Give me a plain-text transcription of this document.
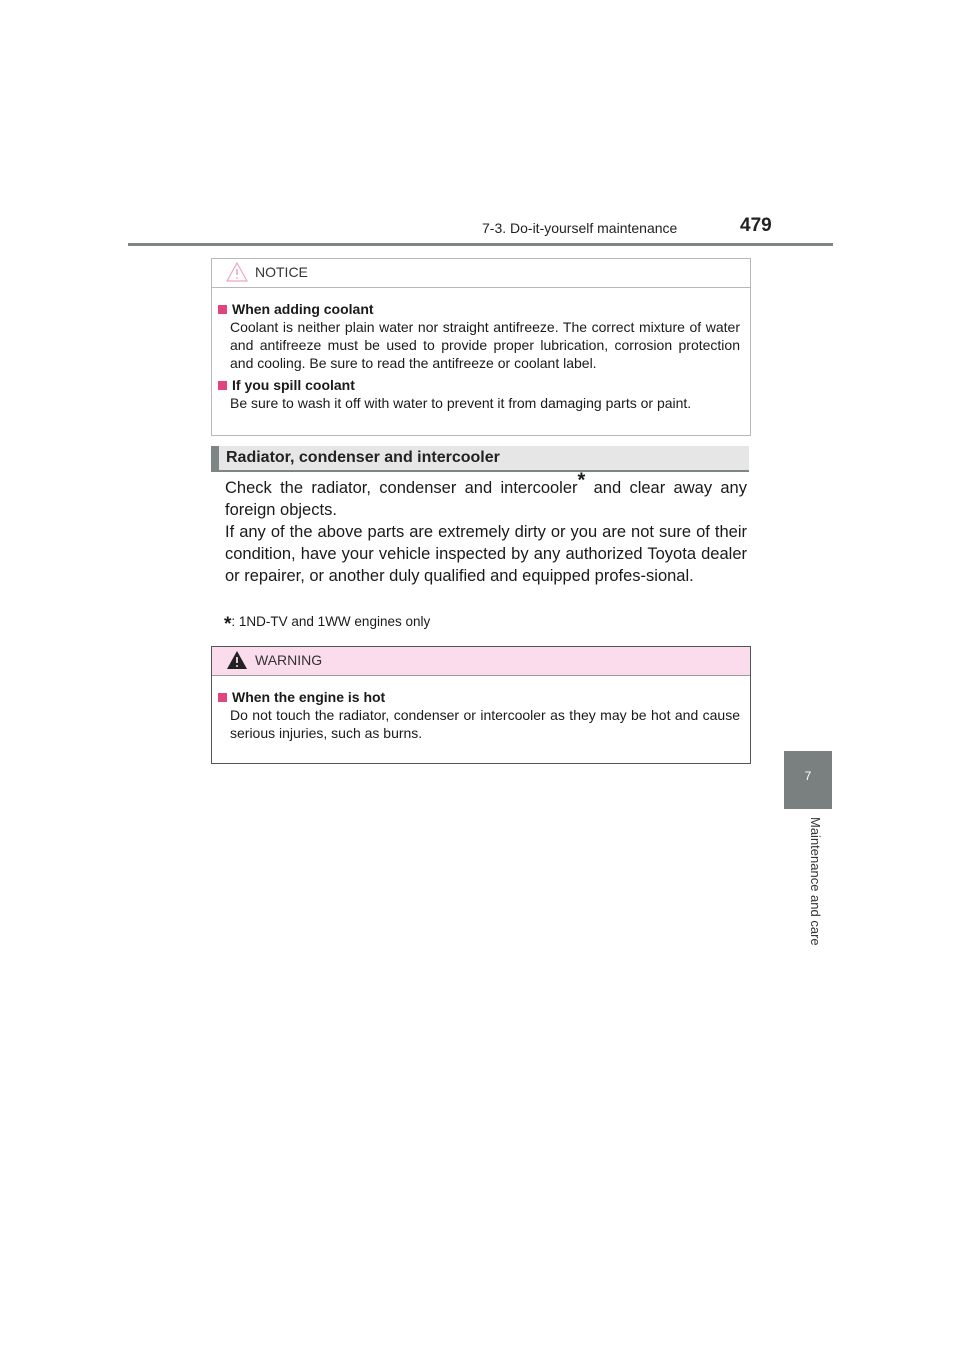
7-3. Do-it-yourself maintenance	479
7
Maintenance and care
NOTICE
When adding coolant
Coolant is neither plain water nor straight antifreeze. The correct mixture of water and antifreeze must be used to provide proper lubrication, corrosion protection and cooling. Be sure to read the antifreeze or coolant label.
If you spill coolant
Be sure to wash it off with water to prevent it from damaging parts or paint.
Radiator, condenser and intercooler

Check the radiator, condenser and intercooler* and clear away any foreign objects.

If any of the above parts are extremely dirty or you are not sure of their condition, have your vehicle inspected by any authorized Toyota dealer or repairer, or another duly qualified and equipped profes-sional.

*: 1ND-TV and 1WW engines only
WARNING
When the engine is hot
Do not touch the radiator, condenser or intercooler as they may be hot and cause serious injuries, such as burns.
